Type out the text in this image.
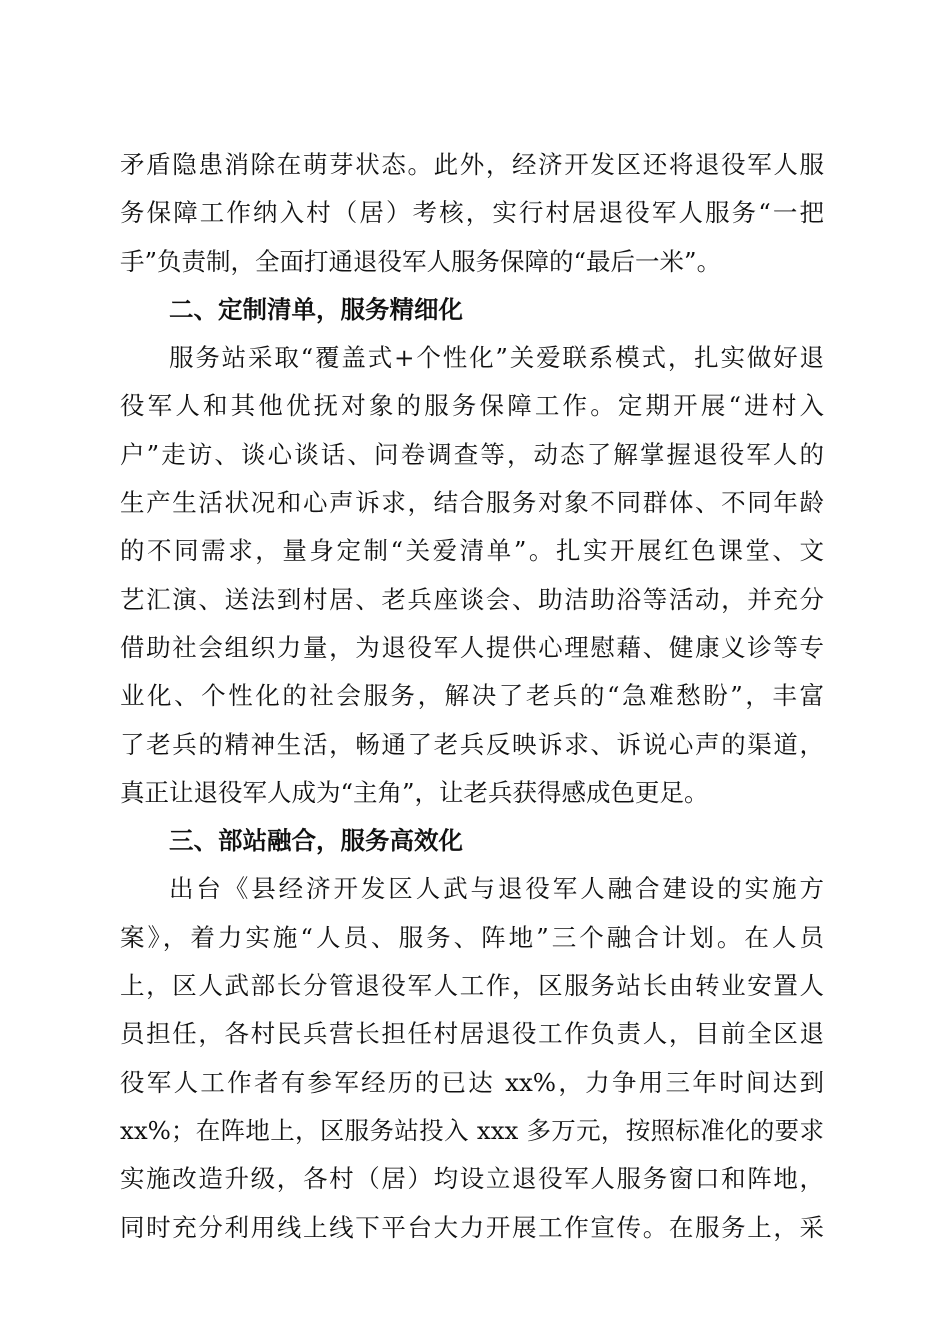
矛盾隐患消除在萌芽状态。此外，经济开发区还将退役军人服
务保障工作纳入村（居）考核，实行村居退役军人服务“一把
手”负责制，全面打通退役军人服务保障的“最后一米”。
二、定制清单，服务精细化
服务站采取“覆盖式+个性化”关爱联系模式，扎实做好退
役军人和其他优抚对象的服务保障工作。定期开展“进村入
户”走访、谈心谈话、问卷调查等，动态了解掌握退役军人的
生产生活状况和心声诉求，结合服务对象不同群体、不同年龄
的不同需求，量身定制“关爱清单”。扎实开展红色课堂、文
艺汇演、送法到村居、老兵座谈会、助洁助浴等活动，并充分
借助社会组织力量，为退役军人提供心理慰藉、健康义诊等专
业化、个性化的社会服务，解决了老兵的“急难愁盼”，丰富
了老兵的精神生活，畅通了老兵反映诉求、诉说心声的渠道，
真正让退役军人成为“主角”，让老兵获得感成色更足。
三、部站融合，服务高效化
出台《县经济开发区人武与退役军人融合建设的实施方
案》，着力实施“人员、服务、阵地”三个融合计划。在人员
上，区人武部长分管退役军人工作，区服务站长由转业安置人
员担任，各村民兵营长担任村居退役工作负责人，目前全区退
役军人工作者有参军经历的已达 xx%，力争用三年时间达到
xx%；在阵地上，区服务站投入 xxx 多万元，按照标准化的要求
实施改造升级，各村（居）均设立退役军人服务窗口和阵地，
同时充分利用线上线下平台大力开展工作宣传。在服务上，采
